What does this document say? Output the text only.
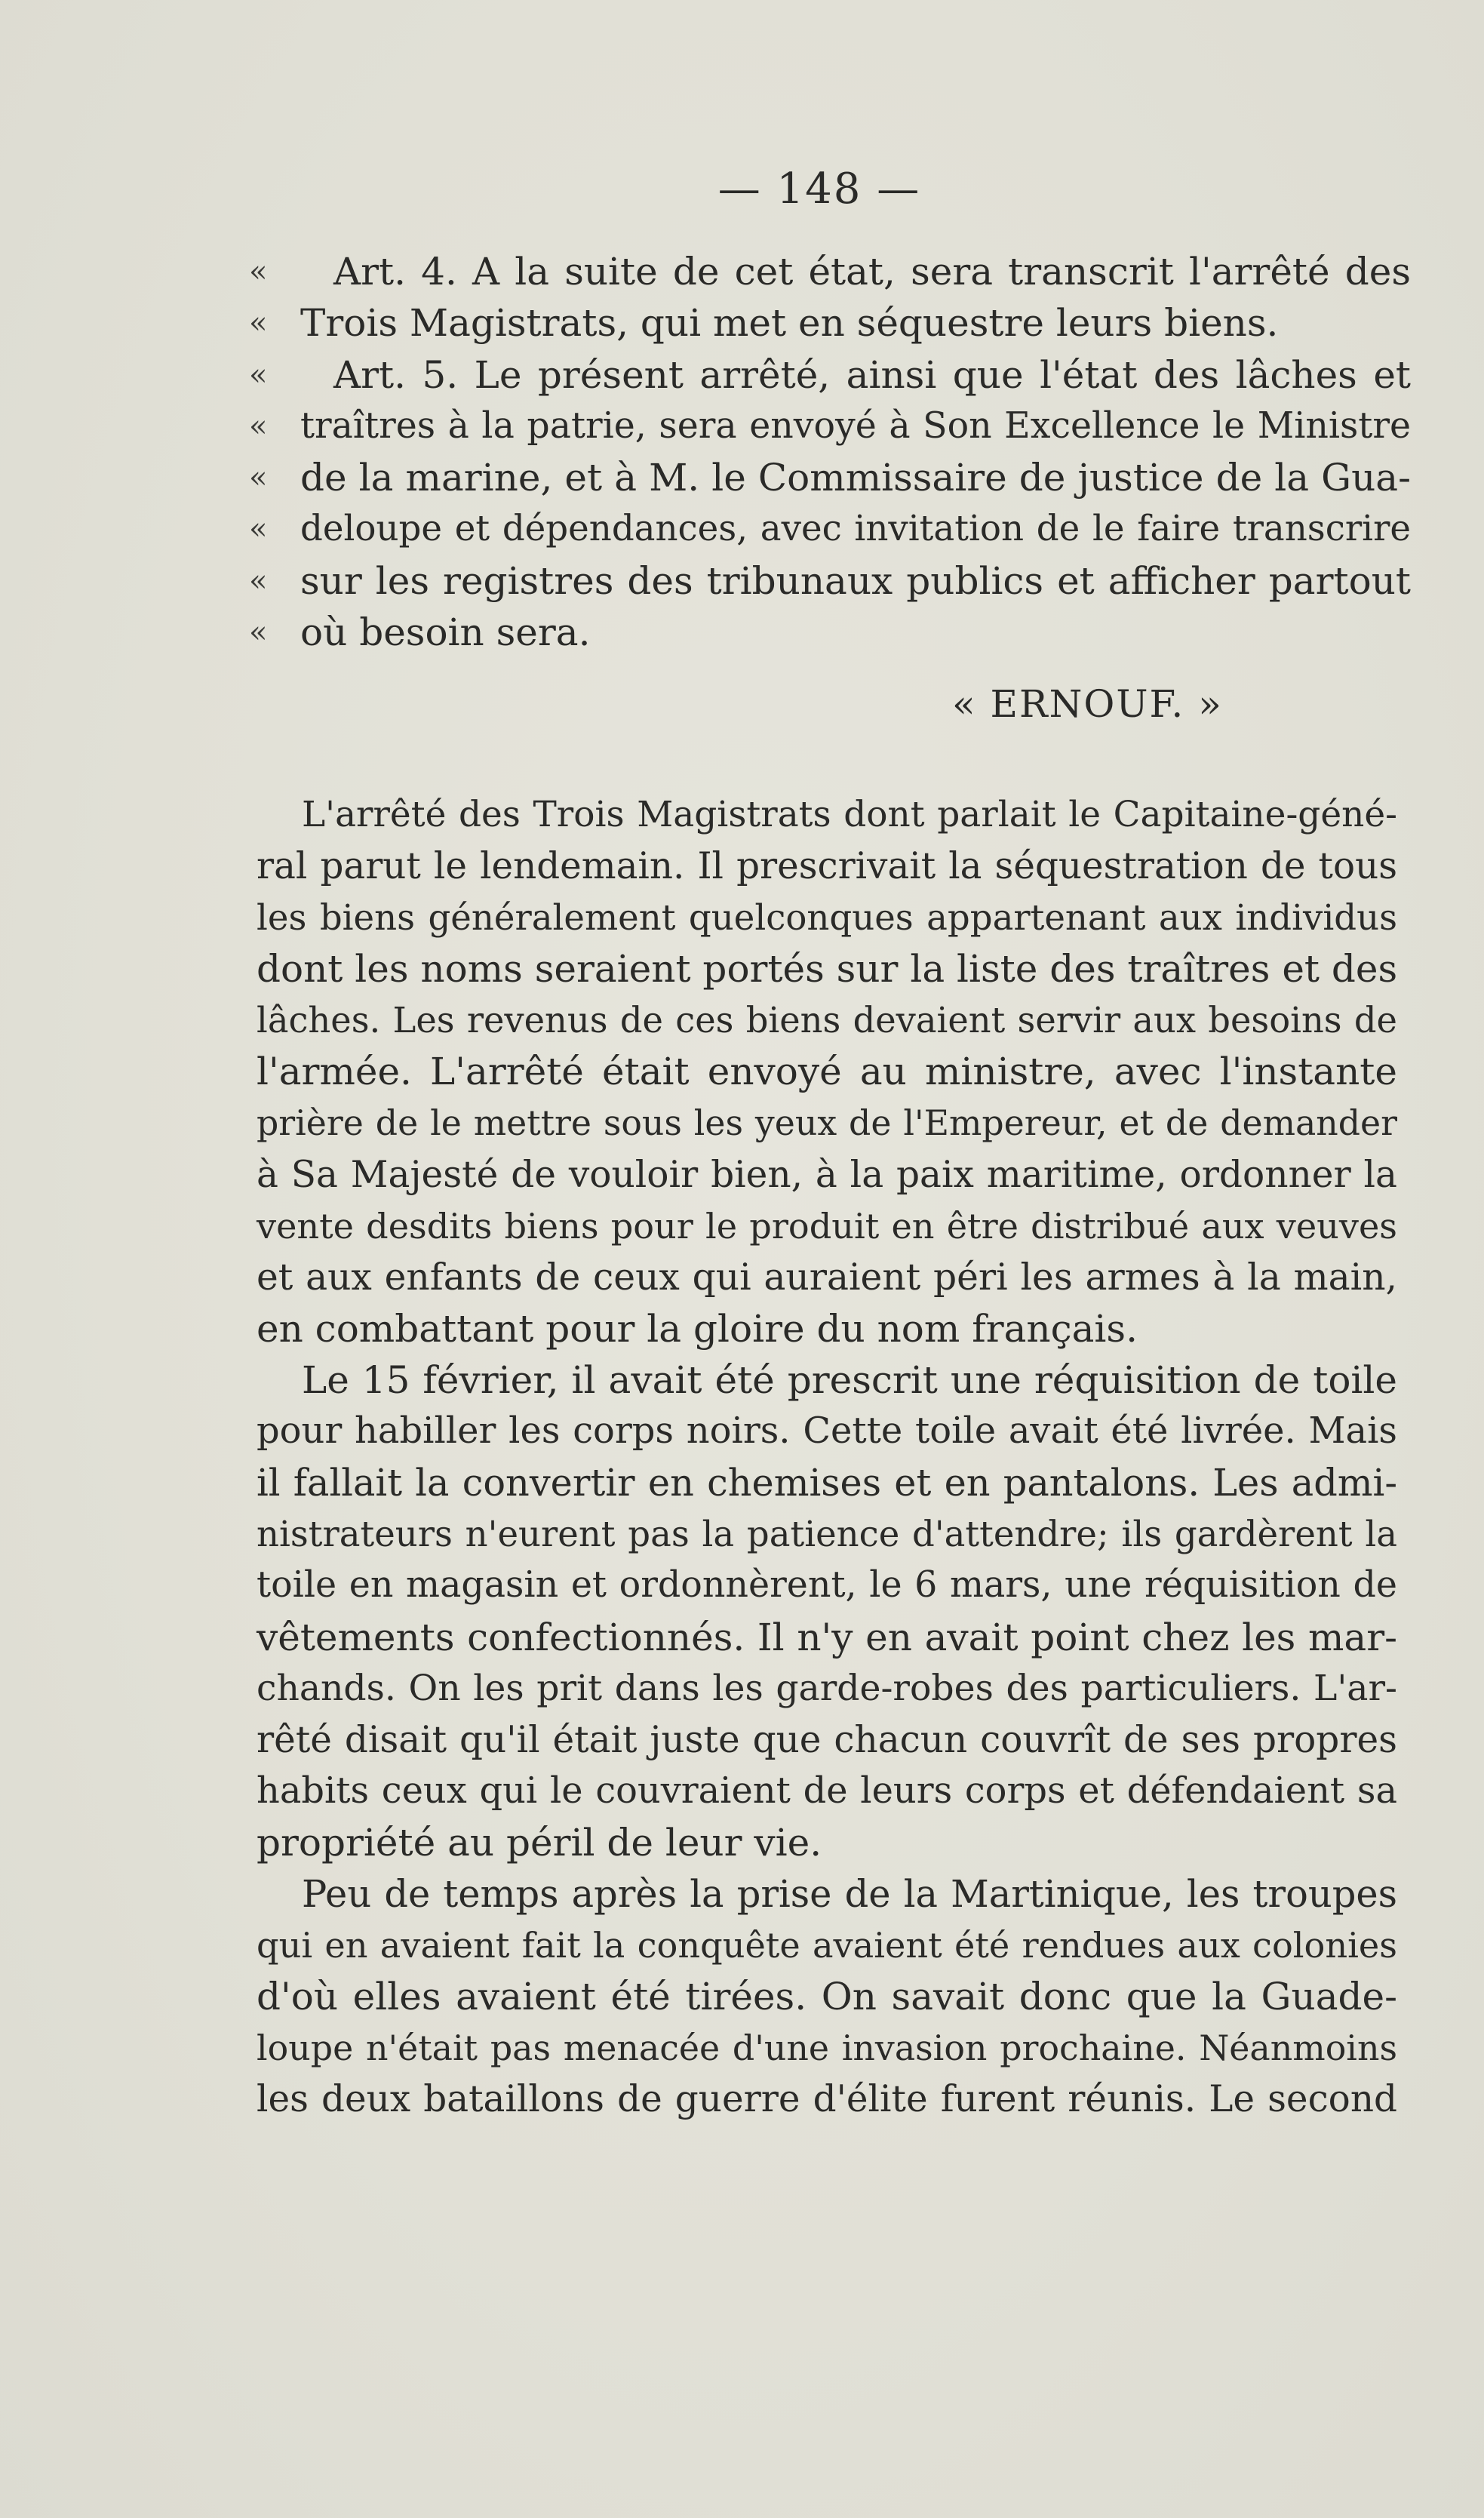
— 148 —
«	Art. 4. A la suite de cet état, sera transcrit l'arrêté des
« Trois Magistrats, qui met en séquestre leurs biens.
«	Art. 5. Le présent arrêté, ainsi que l'état des lâches et
« traîtres à la patrie, sera envoyé à Son Excellence le Ministre
« de la marine, et à M. le Commissaire de justice de la Gua-
« deloupe et dépendances, avec invitation de le faire transcrire
« sur les registres des tribunaux publics et afficher partout
« où besoin sera.
« ERNOUF. »
L'arrêté des Trois Magistrats dont parlait le Capitaine-géné-
ral parut le lendemain. Il prescrivait la séquestration de tous
les biens généralement quelconques appartenant aux individus
dont les noms seraient portés sur la liste des traîtres et des
lâches. Les revenus de ces biens devaient servir aux besoins de
l'armée. L'arrêté était envoyé au ministre, avec l'instante
prière de le mettre sous les yeux de l'Empereur, et de demander
à Sa Majesté de vouloir bien, à la paix maritime, ordonner la
vente desdits biens pour le produit en être distribué aux veuves
et aux enfants de ceux qui auraient péri les armes à la main,
en combattant pour la gloire du nom français.
Le 15 février, il avait été prescrit une réquisition de toile
pour habiller les corps noirs. Cette toile avait été livrée. Mais
il fallait la convertir en chemises et en pantalons. Les admi-
nistrateurs n'eurent pas la patience d'attendre; ils gardèrent la
toile en magasin et ordonnèrent, le 6 mars, une réquisition de
vêtements confectionnés. Il n'y en avait point chez les mar-
chands. On les prit dans les garde-robes des particuliers. L'ar-
rêté disait qu'il était juste que chacun couvrît de ses propres
habits ceux qui le couvraient de leurs corps et défendaient sa
propriété au péril de leur vie.
Peu de temps après la prise de la Martinique, les troupes
qui en avaient fait la conquête avaient été rendues aux colonies
d'où elles avaient été tirées. On savait donc que la Guade-
loupe n'était pas menacée d'une invasion prochaine. Néanmoins
les deux bataillons de guerre d'élite furent réunis. Le second
